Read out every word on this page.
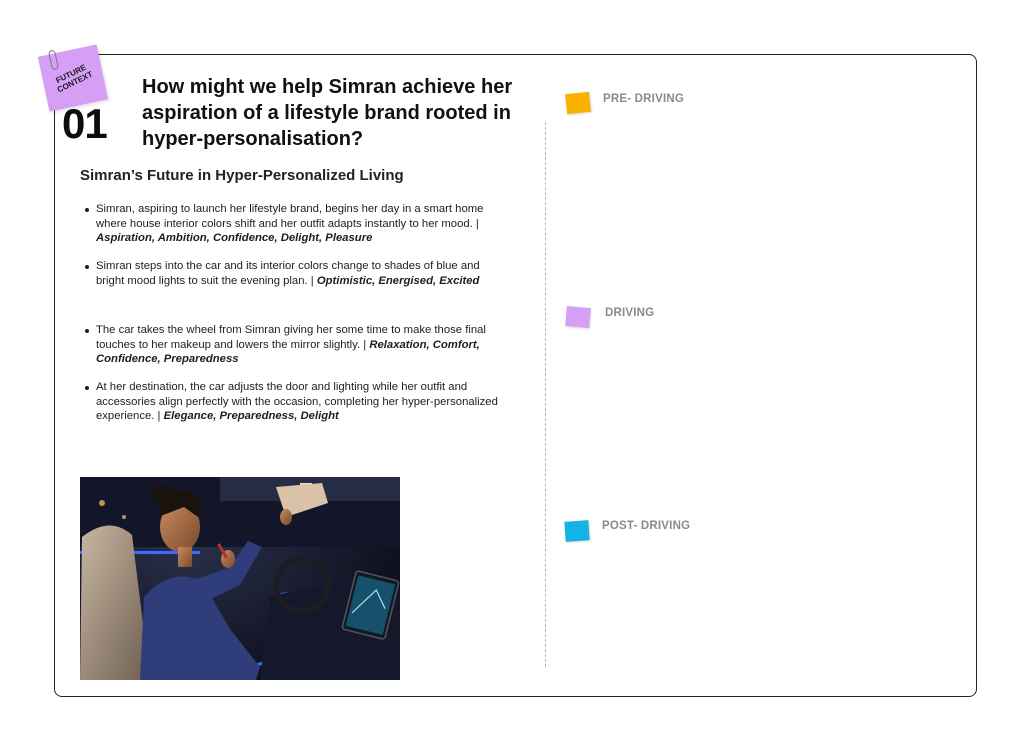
FUTURE CONTEXT
01
How might we help Simran achieve her aspiration of a lifestyle brand rooted in hyper-personalisation?
Simran’s Future in Hyper-Personalized Living
Simran, aspiring to launch her lifestyle brand, begins her day in a smart home where house interior colors shift and her outfit adapts instantly to her mood. | Aspiration, Ambition, Confidence, Delight, Pleasure
Simran steps into the car and its interior colors change to shades of blue and bright mood lights to suit the evening plan. | Optimistic, Energised, Excited
The car takes the wheel from Simran giving her some time to make those final touches to her makeup and lowers the mirror slightly. | Relaxation, Comfort, Confidence, Preparedness
At her destination, the car adjusts the door and lighting while her outfit and accessories align perfectly with the occasion, completing her hyper-personalized experience. | Elegance, Preparedness, Delight
PRE- DRIVING
DRIVING
POST- DRIVING
